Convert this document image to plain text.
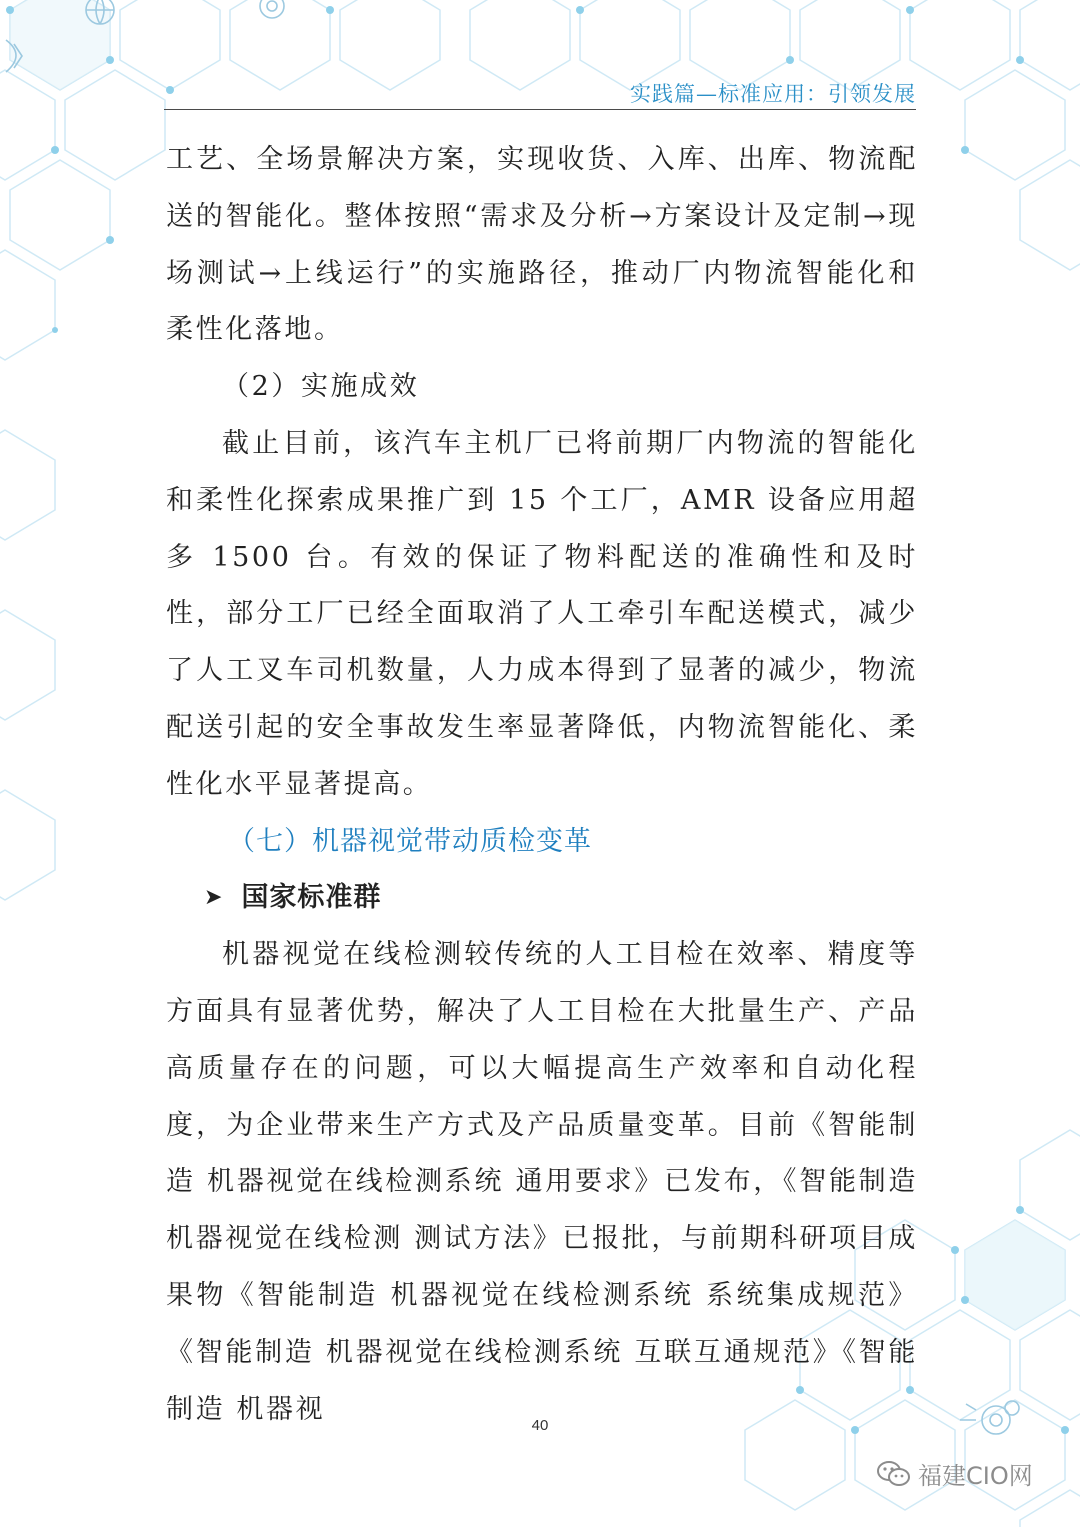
实践篇—标准应用：引领发展

工艺、全场景解决方案，实现收货、入库、出库、物流配送的智能化。整体按照“需求及分析→方案设计及定制→现场测试→上线运行”的实施路径，推动厂内物流智能化和柔性化落地。

（2）实施成效

截止目前，该汽车主机厂已将前期厂内物流的智能化和柔性化探索成果推广到 15 个工厂，AMR 设备应用超多 1500 台。有效的保证了物料配送的准确性和及时性，部分工厂已经全面取消了人工牵引车配送模式，减少了人工叉车司机数量，人力成本得到了显著的减少，物流配送引起的安全事故发生率显著降低，内物流智能化、柔性化水平显著提高。

（七）机器视觉带动质检变革
➤ 国家标准群

机器视觉在线检测较传统的人工目检在效率、精度等方面具有显著优势，解决了人工目检在大批量生产、产品高质量存在的问题，可以大幅提高生产效率和自动化程度，为企业带来生产方式及产品质量变革。目前《智能制造 机器视觉在线检测系统 通用要求》已发布，《智能制造 机器视觉在线检测 测试方法》已报批，与前期科研项目成果物《智能制造 机器视觉在线检测系统 系统集成规范》《智能制造 机器视觉在线检测系统 互联互通规范》《智能制造 机器视

40
福建CIO网
